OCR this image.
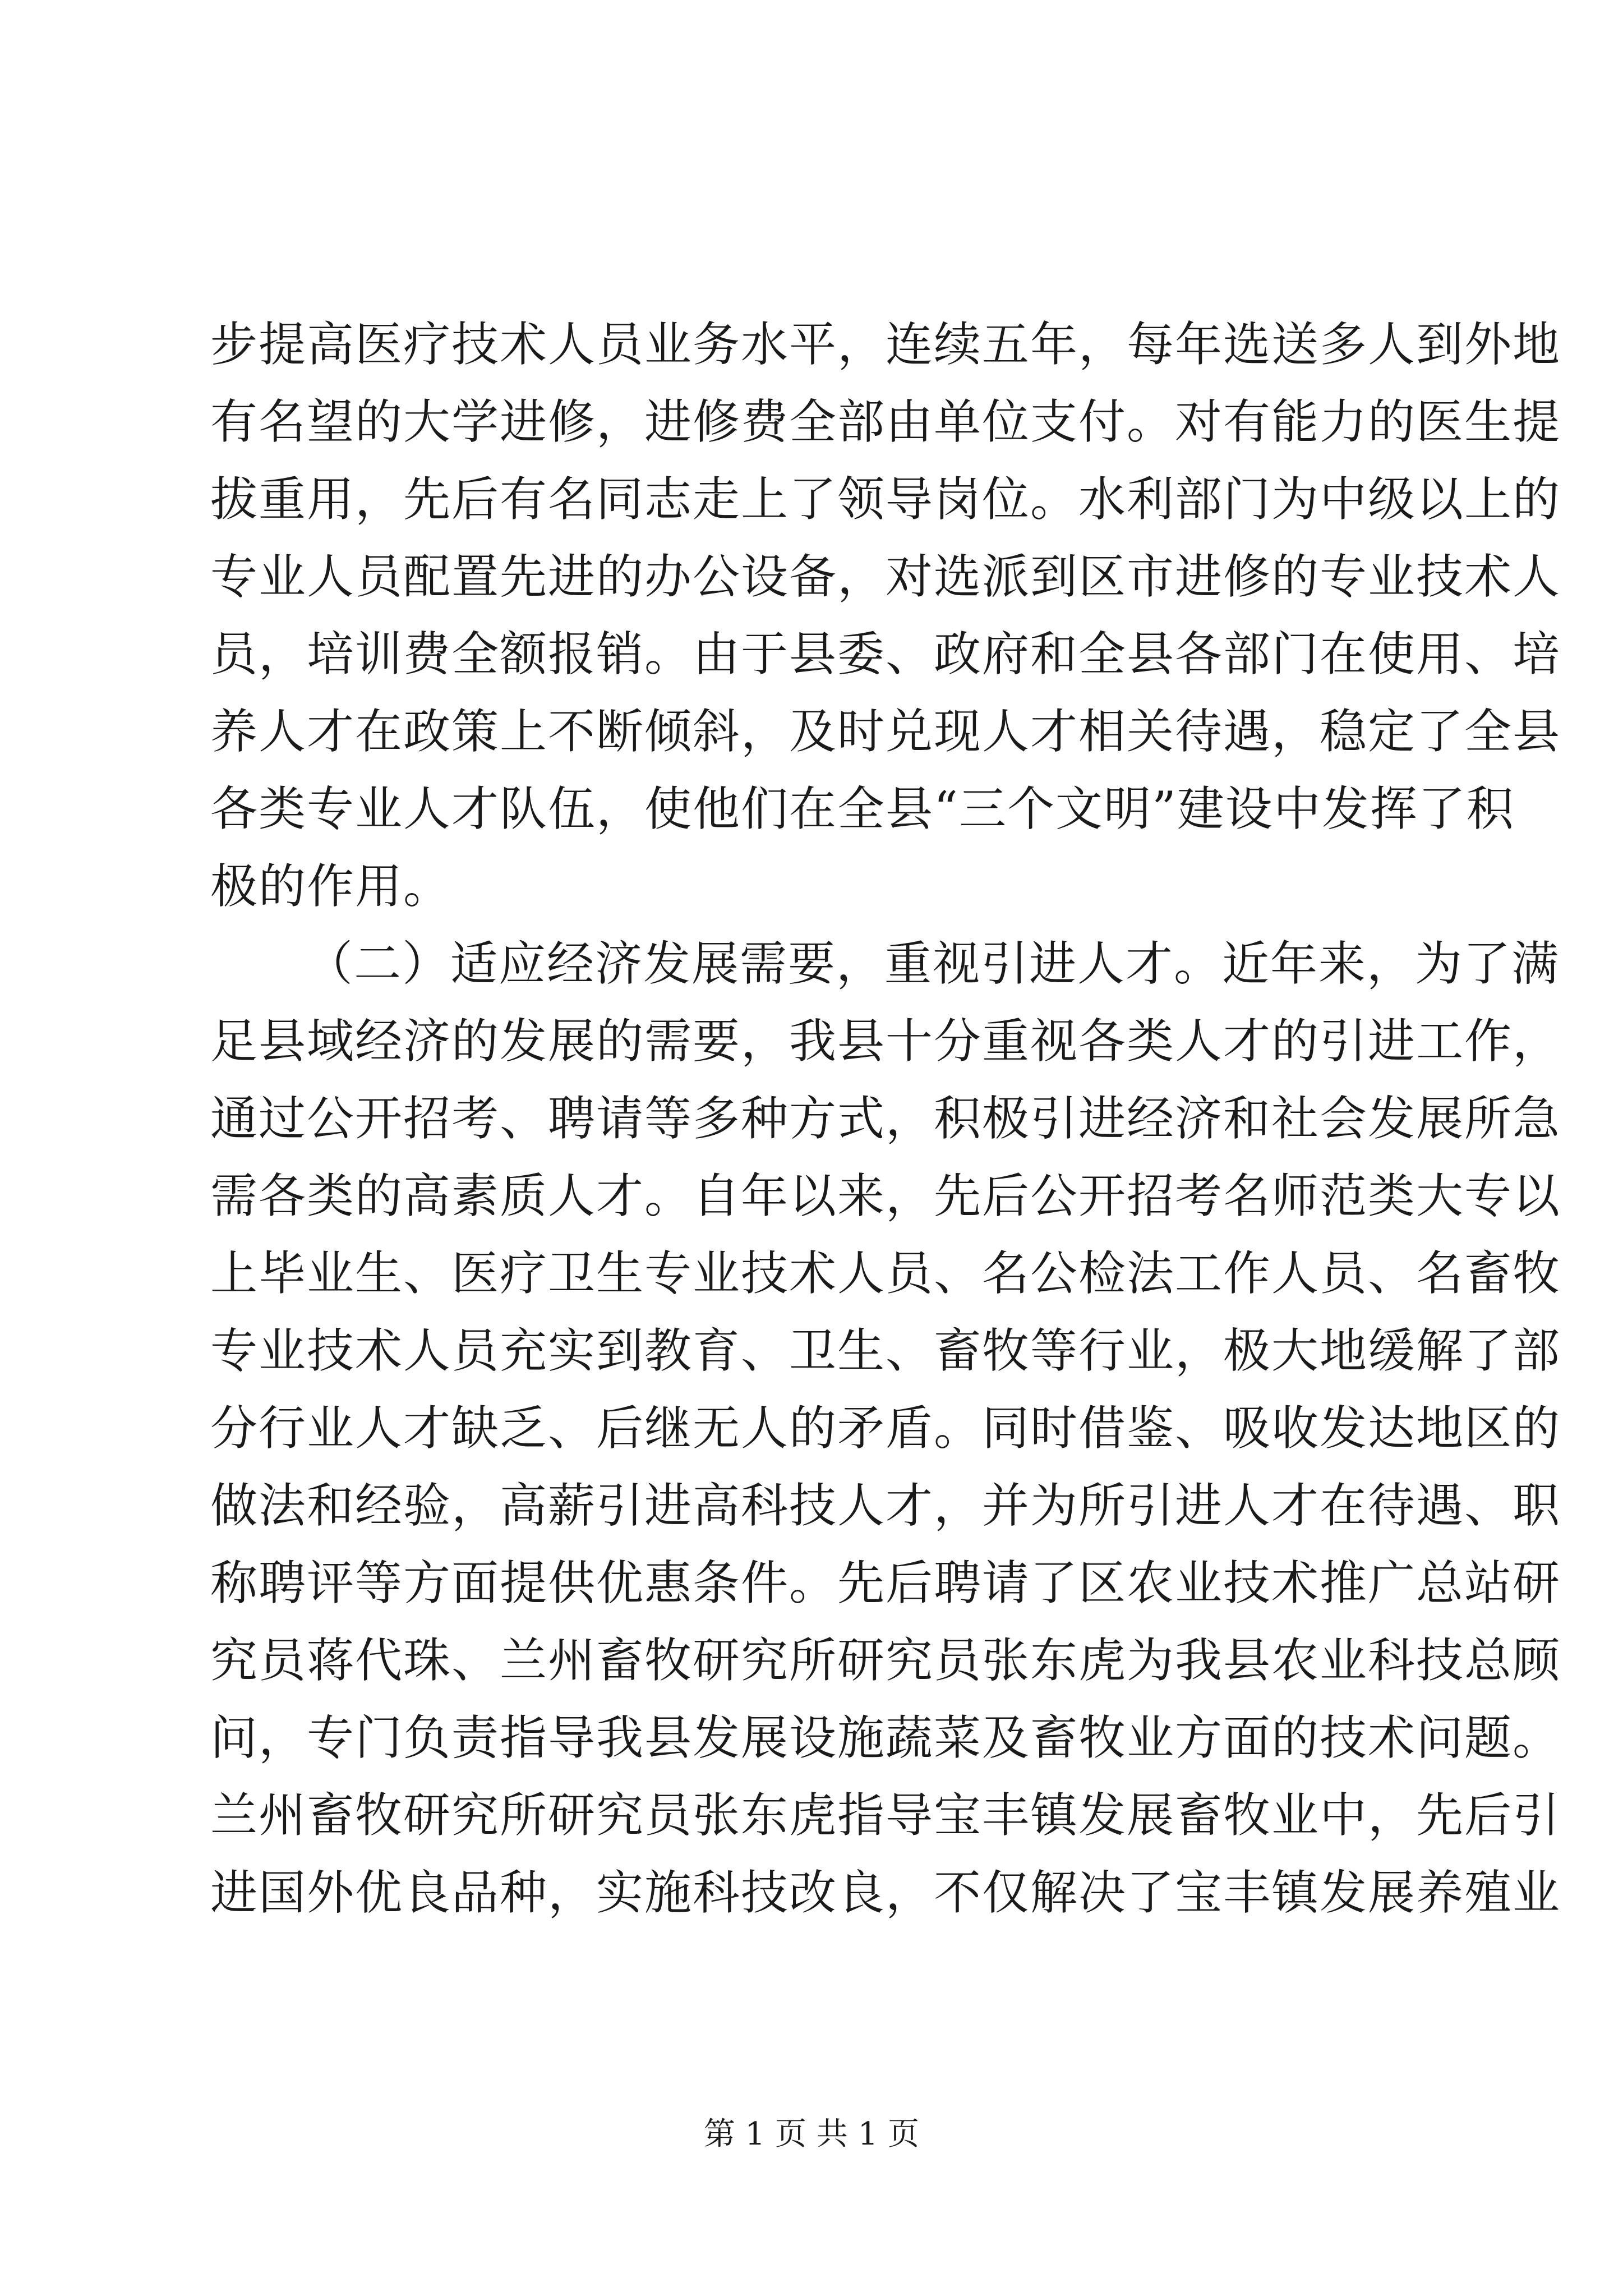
步提高医疗技术人员业务水平，连续五年，每年选送多人到外地
有名望的大学进修，进修费全部由单位支付。对有能力的医生提
拔重用，先后有名同志走上了领导岗位。水利部门为中级以上的
专业人员配置先进的办公设备，对选派到区市进修的专业技术人
员，培训费全额报销。由于县委、政府和全县各部门在使用、培
养人才在政策上不断倾斜，及时兑现人才相关待遇，稳定了全县
各类专业人才队伍，使他们在全县“三个文明”建设中发挥了积
极的作用。
（二）适应经济发展需要，重视引进人才。近年来，为了满
足县域经济的发展的需要，我县十分重视各类人才的引进工作，
通过公开招考、聘请等多种方式，积极引进经济和社会发展所急
需各类的高素质人才。自年以来，先后公开招考名师范类大专以
上毕业生、医疗卫生专业技术人员、名公检法工作人员、名畜牧
专业技术人员充实到教育、卫生、畜牧等行业，极大地缓解了部
分行业人才缺乏、后继无人的矛盾。同时借鉴、吸收发达地区的
做法和经验，高薪引进高科技人才，并为所引进人才在待遇、职
称聘评等方面提供优惠条件。先后聘请了区农业技术推广总站研
究员蒋代珠、兰州畜牧研究所研究员张东虎为我县农业科技总顾
问，专门负责指导我县发展设施蔬菜及畜牧业方面的技术问题。
兰州畜牧研究所研究员张东虎指导宝丰镇发展畜牧业中，先后引
进国外优良品种，实施科技改良，不仅解决了宝丰镇发展养殖业
第 1 页 共 1 页
